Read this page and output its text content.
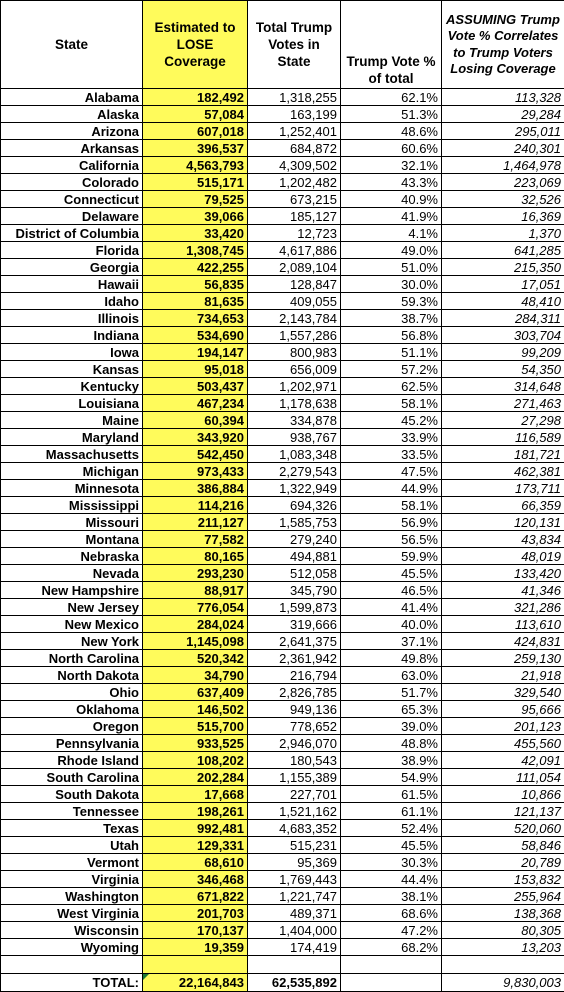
State	Estimated to LOSE Coverage	Total Trump Votes in State	Trump Vote % of total	ASSUMING Trump Vote % Correlates to Trump Voters Losing Coverage
Alabama	182,492	1,318,255	62.1%	113,328
Alaska	57,084	163,199	51.3%	29,284
Arizona	607,018	1,252,401	48.6%	295,011
Arkansas	396,537	684,872	60.6%	240,301
California	4,563,793	4,309,502	32.1%	1,464,978
Colorado	515,171	1,202,482	43.3%	223,069
Connecticut	79,525	673,215	40.9%	32,526
Delaware	39,066	185,127	41.9%	16,369
District of Columbia	33,420	12,723	4.1%	1,370
Florida	1,308,745	4,617,886	49.0%	641,285
Georgia	422,255	2,089,104	51.0%	215,350
Hawaii	56,835	128,847	30.0%	17,051
Idaho	81,635	409,055	59.3%	48,410
Illinois	734,653	2,143,784	38.7%	284,311
Indiana	534,690	1,557,286	56.8%	303,704
Iowa	194,147	800,983	51.1%	99,209
Kansas	95,018	656,009	57.2%	54,350
Kentucky	503,437	1,202,971	62.5%	314,648
Louisiana	467,234	1,178,638	58.1%	271,463
Maine	60,394	334,878	45.2%	27,298
Maryland	343,920	938,767	33.9%	116,589
Massachusetts	542,450	1,083,348	33.5%	181,721
Michigan	973,433	2,279,543	47.5%	462,381
Minnesota	386,884	1,322,949	44.9%	173,711
Mississippi	114,216	694,326	58.1%	66,359
Missouri	211,127	1,585,753	56.9%	120,131
Montana	77,582	279,240	56.5%	43,834
Nebraska	80,165	494,881	59.9%	48,019
Nevada	293,230	512,058	45.5%	133,420
New Hampshire	88,917	345,790	46.5%	41,346
New Jersey	776,054	1,599,873	41.4%	321,286
New Mexico	284,024	319,666	40.0%	113,610
New York	1,145,098	2,641,375	37.1%	424,831
North Carolina	520,342	2,361,942	49.8%	259,130
North Dakota	34,790	216,794	63.0%	21,918
Ohio	637,409	2,826,785	51.7%	329,540
Oklahoma	146,502	949,136	65.3%	95,666
Oregon	515,700	778,652	39.0%	201,123
Pennsylvania	933,525	2,946,070	48.8%	455,560
Rhode Island	108,202	180,543	38.9%	42,091
South Carolina	202,284	1,155,389	54.9%	111,054
South Dakota	17,668	227,701	61.5%	10,866
Tennessee	198,261	1,521,162	61.1%	121,137
Texas	992,481	4,683,352	52.4%	520,060
Utah	129,331	515,231	45.5%	58,846
Vermont	68,610	95,369	30.3%	20,789
Virginia	346,468	1,769,443	44.4%	153,832
Washington	671,822	1,221,747	38.1%	255,964
West Virginia	201,703	489,371	68.6%	138,368
Wisconsin	170,137	1,404,000	47.2%	80,305
Wyoming	19,359	174,419	68.2%	13,203

TOTAL:	22,164,843	62,535,892		9,830,003
